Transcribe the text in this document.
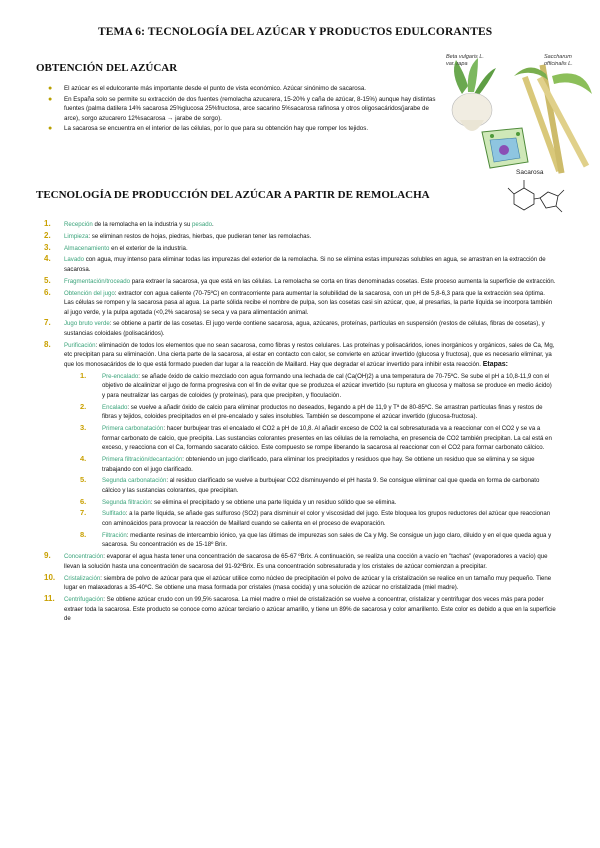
TEMA 6: TECNOLOGÍA DEL AZÚCAR Y PRODUCTOS EDULCORANTES
OBTENCIÓN DEL AZÚCAR
● El azúcar es el edulcorante más importante desde el punto de vista económico. Azúcar sinónimo de sacarosa.
● En España solo se permite su extracción de dos fuentes (remolacha azucarera, 15-20% y caña de azúcar, 8-15%) aunque hay distintas fuentes (palma datilera 14% sacarosa 25%glucosa 25%fructosa, arce sacarino 5%sacarosa rafinosa y otros oligosacáridos(jarabe de arce), sorgo azucarero 12%sacarosa → jarabe de sorgo).
● La sacarosa se encuentra en el interior de las células, por lo que para su obtención hay que romper los tejidos.
Beta vulgaris L.
var. rapa
Saccharum
officinalis L.
Sacarosa
TECNOLOGÍA DE PRODUCCIÓN DEL AZÚCAR A PARTIR DE REMOLACHA
1. Recepción de la remolacha en la industria y su pesado.
2. Limpieza: se eliminan restos de hojas, piedras, hierbas, que pudieran tener las remolachas.
3. Almacenamiento en el exterior de la industria.
4. Lavado con agua, muy intenso para eliminar todas las impurezas del exterior de la remolacha. Si no se elimina estas impurezas solubles en agua, se arrastran en la extracción de sacarosa.
5. Fragmentación/troceado para extraer la sacarosa, ya que está en las células. La remolacha se corta en tiras denominadas cosetas. Este proceso aumenta la superficie de extracción.
6. Obtención del jugo: extractor con agua caliente (70-75ºC) en contracorriente para aumentar la solubilidad de la sacarosa, con un pH de 5,8-6,3 para que la extracción sea óptima. Las células se rompen y la sacarosa pasa al agua. La parte sólida recibe el nombre de pulpa, son las cosetas casi sin azúcar, que, al presarlas, la parte líquida se incorpora también al jugo verde, y la pulpa agotada (<0,2% sacarosa) se seca y va para alimentación animal.
7. Jugo bruto verde: se obtiene a partir de las cosetas. El jugo verde contiene sacarosa, agua, azúcares, proteínas, partículas en suspensión (restos de células, fibras de cosetas), y sustancias coloidales (polisacáridos).
8. Purificación: eliminación de todos los elementos que no sean sacarosa, como fibras y restos celulares. Las proteínas y polisacáridos, iones inorgánicos y orgánicos, sales de Ca, Mg, etc precipitan para su eliminación. Una cierta parte de la sacarosa, al estar en contacto con calor, se convierte en azúcar invertido (glucosa y fructosa), que es necesario eliminar, ya que los monosacáridos de lo que está formado pueden dar lugar a la reacción de Maillard. Hay que degradar el azúcar invertido para inhibir esta reacción. Etapas:
1.	Pre-encalado: se añade óxido de calcio mezclado con agua formando una lechada de cal (Ca(OH)2) a una temperatura de 70-75ºC. Se sube el pH a 10,8-11,9 con el objetivo de alcalinizar el jugo de forma progresiva con el fin de evitar que se produzca el azúcar invertido (su ruptura en glucosa y maltosa se produce en medio ácido) y para neutralizar las cargas de coloides (y proteínas), para que precipiten, y floculación.
2.	Encalado: se vuelve a añadir óxido de calcio para eliminar productos no deseados, llegando a pH de 11,9 y Tª de 80-85ºC. Se arrastran partículas finas y restos de fibras y tejidos, coloides precipitados en el pre-encalado y sales insolubles. También se descompone el azúcar invertido (glucosa-fructosa).
3.	Primera carbonatación: hacer burbujear tras el encalado el CO2 a pH de 10,8. Al añadir exceso de CO2 la cal sobresaturada va a reaccionar con el CO2 y se va a formar carbonato de calcio, que precipita. Las sustancias colorantes presentes en las células de la remolacha, en presencia de CO2 también precipitan. La cal está en exceso, y reacciona con el Ca, formando sacarato cálcico. Este compuesto se rompe liberando la sacarosa al reaccionar con el CO2 para formar carbonato cálcico.
4.	Primera filtración/decantación: obteniendo un jugo clarificado, para eliminar los precipitados y residuos que hay. Se obtiene un residuo que se elimina y se sigue trabajando con el jugo clarificado.
5.	Segunda carbonatación: al residuo clarificado se vuelve a burbujear CO2 disminuyendo el pH hasta 9. Se consigue eliminar cal que queda en forma de carbonato cálcico y las sustancias colorantes, que precipitan.
6.	Segunda filtración: se elimina el precipitado y se obtiene una parte líquida y un residuo sólido que se elimina.
7.	Sulfitado: a la parte líquida, se añade gas sulfuroso (SO2) para disminuir el color y viscosidad del jugo. Este bloquea los grupos reductores del azúcar que reaccionan con aminoácidos para provocar la reacción de Maillard cuando se calienta en el proceso de evaporación.
8.	Filtración: mediante resinas de intercambio iónico, ya que las últimas de impurezas son sales de Ca y Mg. Se consigue un jugo claro, diluido y en el que queda agua y sacarosa. Su concentración es de 15-18º Brix.
9. Concentración: evaporar el agua hasta tener una concentración de sacarosa de 65-67 ºBrix. A continuación, se realiza una cocción a vacío en "tachas" (evaporadores a vacío) que llevan la solución hasta una concentración de sacarosa del 91-92ºBrix. Es una concentración sobresaturada y los cristales de azúcar comienzan a precipitar.
10. Cristalización: siembra de polvo de azúcar para que el azúcar utilice como núcleo de precipitación el polvo de azúcar y la cristalización se realice en un tamaño muy pequeño. Tiene lugar en malaxadoras a 35-40ºC. Se obtiene una masa formada por cristales (masa cocida) y una solución de azúcar no cristalizada (miel madre).
11. Centrifugación: Se obtiene azúcar crudo con un 99,5% sacarosa. La miel madre o miel de cristalización se vuelve a concentrar, cristalizar y centrifugar dos veces más para poder extraer toda la sacarosa. Este producto se conoce como azúcar terciario o azúcar amarillo, y tiene un 89% de sacarosa y color amarillento. Este color es debido a que en la superficie de
